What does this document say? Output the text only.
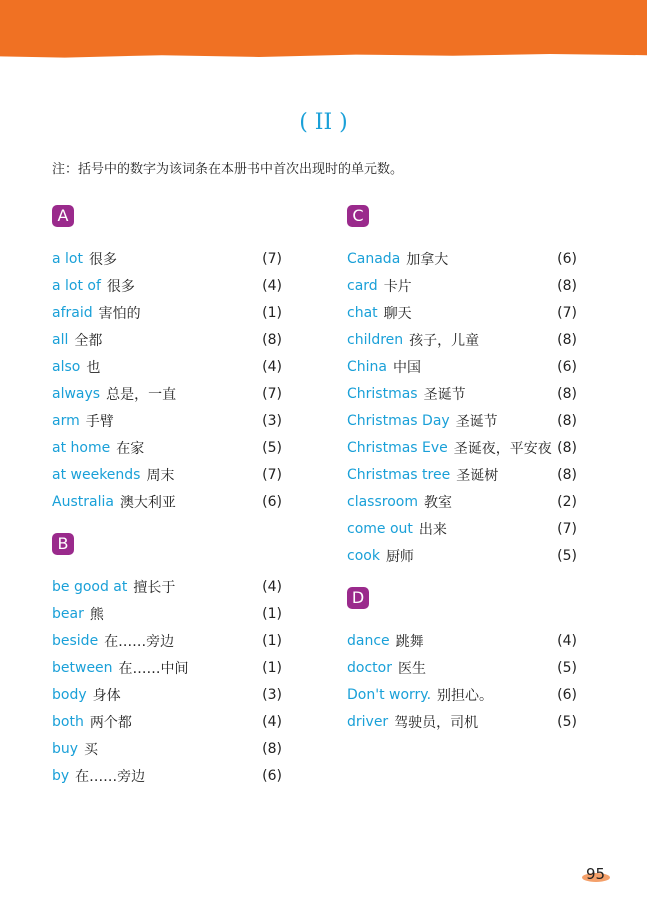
( II )
注：括号中的数字为该词条在本册书中首次出现时的单元数。
A
a lot 很多	(7)
a lot of 很多	(4)
afraid 害怕的	(1)
all 全都	(8)
also 也	(4)
always 总是，一直	(7)
arm 手臂	(3)
at home 在家	(5)
at weekends 周末	(7)
Australia 澳大利亚	(6)
B
be good at 擅长于	(4)
bear 熊	(1)
beside 在……旁边	(1)
between 在……中间	(1)
body 身体	(3)
both 两个都	(4)
buy 买	(8)
by 在……旁边	(6)
C
Canada 加拿大	(6)
card 卡片	(8)
chat 聊天	(7)
children 孩子，儿童	(8)
China 中国	(6)
Christmas 圣诞节	(8)
Christmas Day 圣诞节	(8)
Christmas Eve 圣诞夜，平安夜 (8)
Christmas tree 圣诞树	(8)
classroom 教室	(2)
come out 出来	(7)
cook 厨师	(5)
D
dance 跳舞	(4)
doctor 医生	(5)
Don't worry. 别担心。	(6)
driver 驾驶员，司机	(5)
95
